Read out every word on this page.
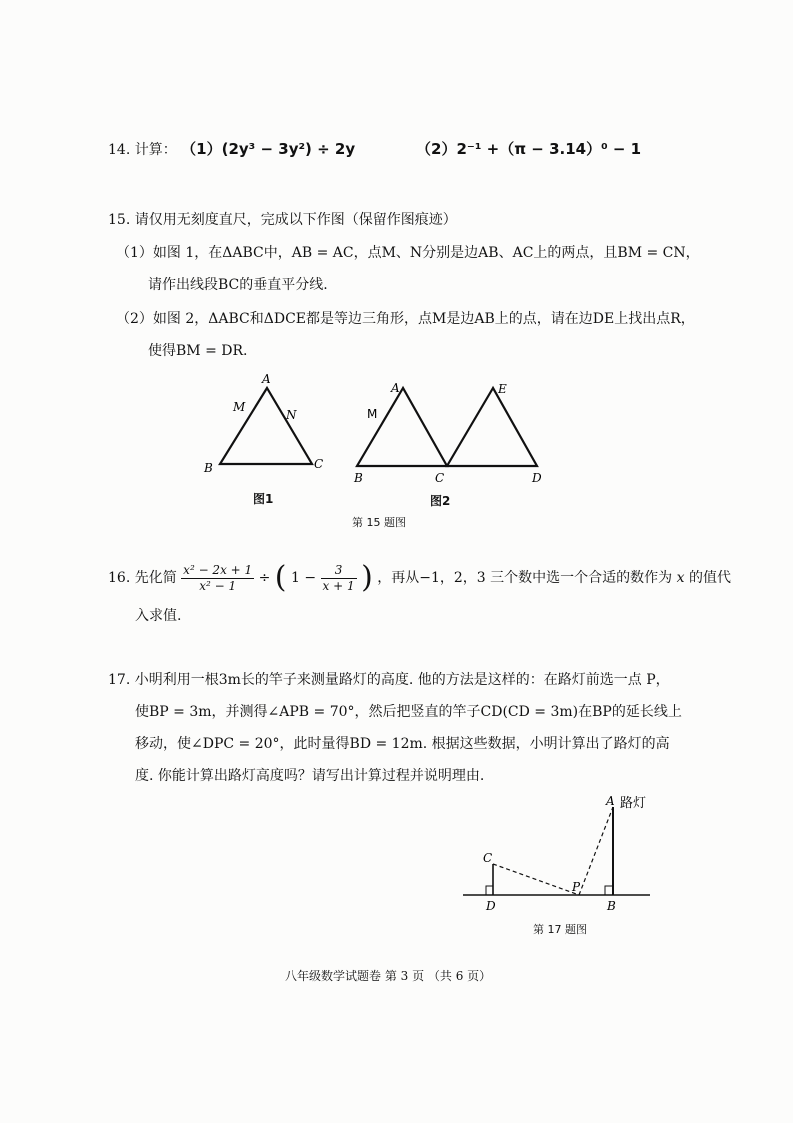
14. 计算： （1）(2y³ − 3y²) ÷ 2y	（2）2⁻¹ +（π − 3.14）⁰ − 1
15. 请仅用无刻度直尺，完成以下作图（保留作图痕迹）
（1）如图 1，在ΔABC中，AB = AC，点M、N分别是边AB、AC上的两点，且BM = CN，
请作出线段BC的垂直平分线.
（2）如图 2，ΔABC和ΔDCE都是等边三角形，点M是边AB上的点，请在边DE上找出点R，
使得BM = DR.
A
M
N
B	C
图1
A
M
E
B	C	D
图2
第 15 题图
16. 先化简 $\frac{\text{x² − 2x + 1}}{\text{x² − 1}}$ ÷ ( $1 - \frac{3}{x + 1}$ ) ，再从−1，2，3 三个数中选一个合适的数作为 x 的值代
入求值.
17. 小明利用一根3m长的竿子来测量路灯的高度. 他的方法是这样的：在路灯前选一点 P，
使BP = 3m，并测得∠APB = 70°，然后把竖直的竿子CD(CD = 3m)在BP的延长线上
移动，使∠DPC = 20°，此时量得BD = 12m. 根据这些数据，小明计算出了路灯的高
度. 你能计算出路灯高度吗？请写出计算过程并说明理由.
A 路灯
C
P
D	B
第 17 题图
八年级数学试题卷 第 3 页 （共 6 页）
